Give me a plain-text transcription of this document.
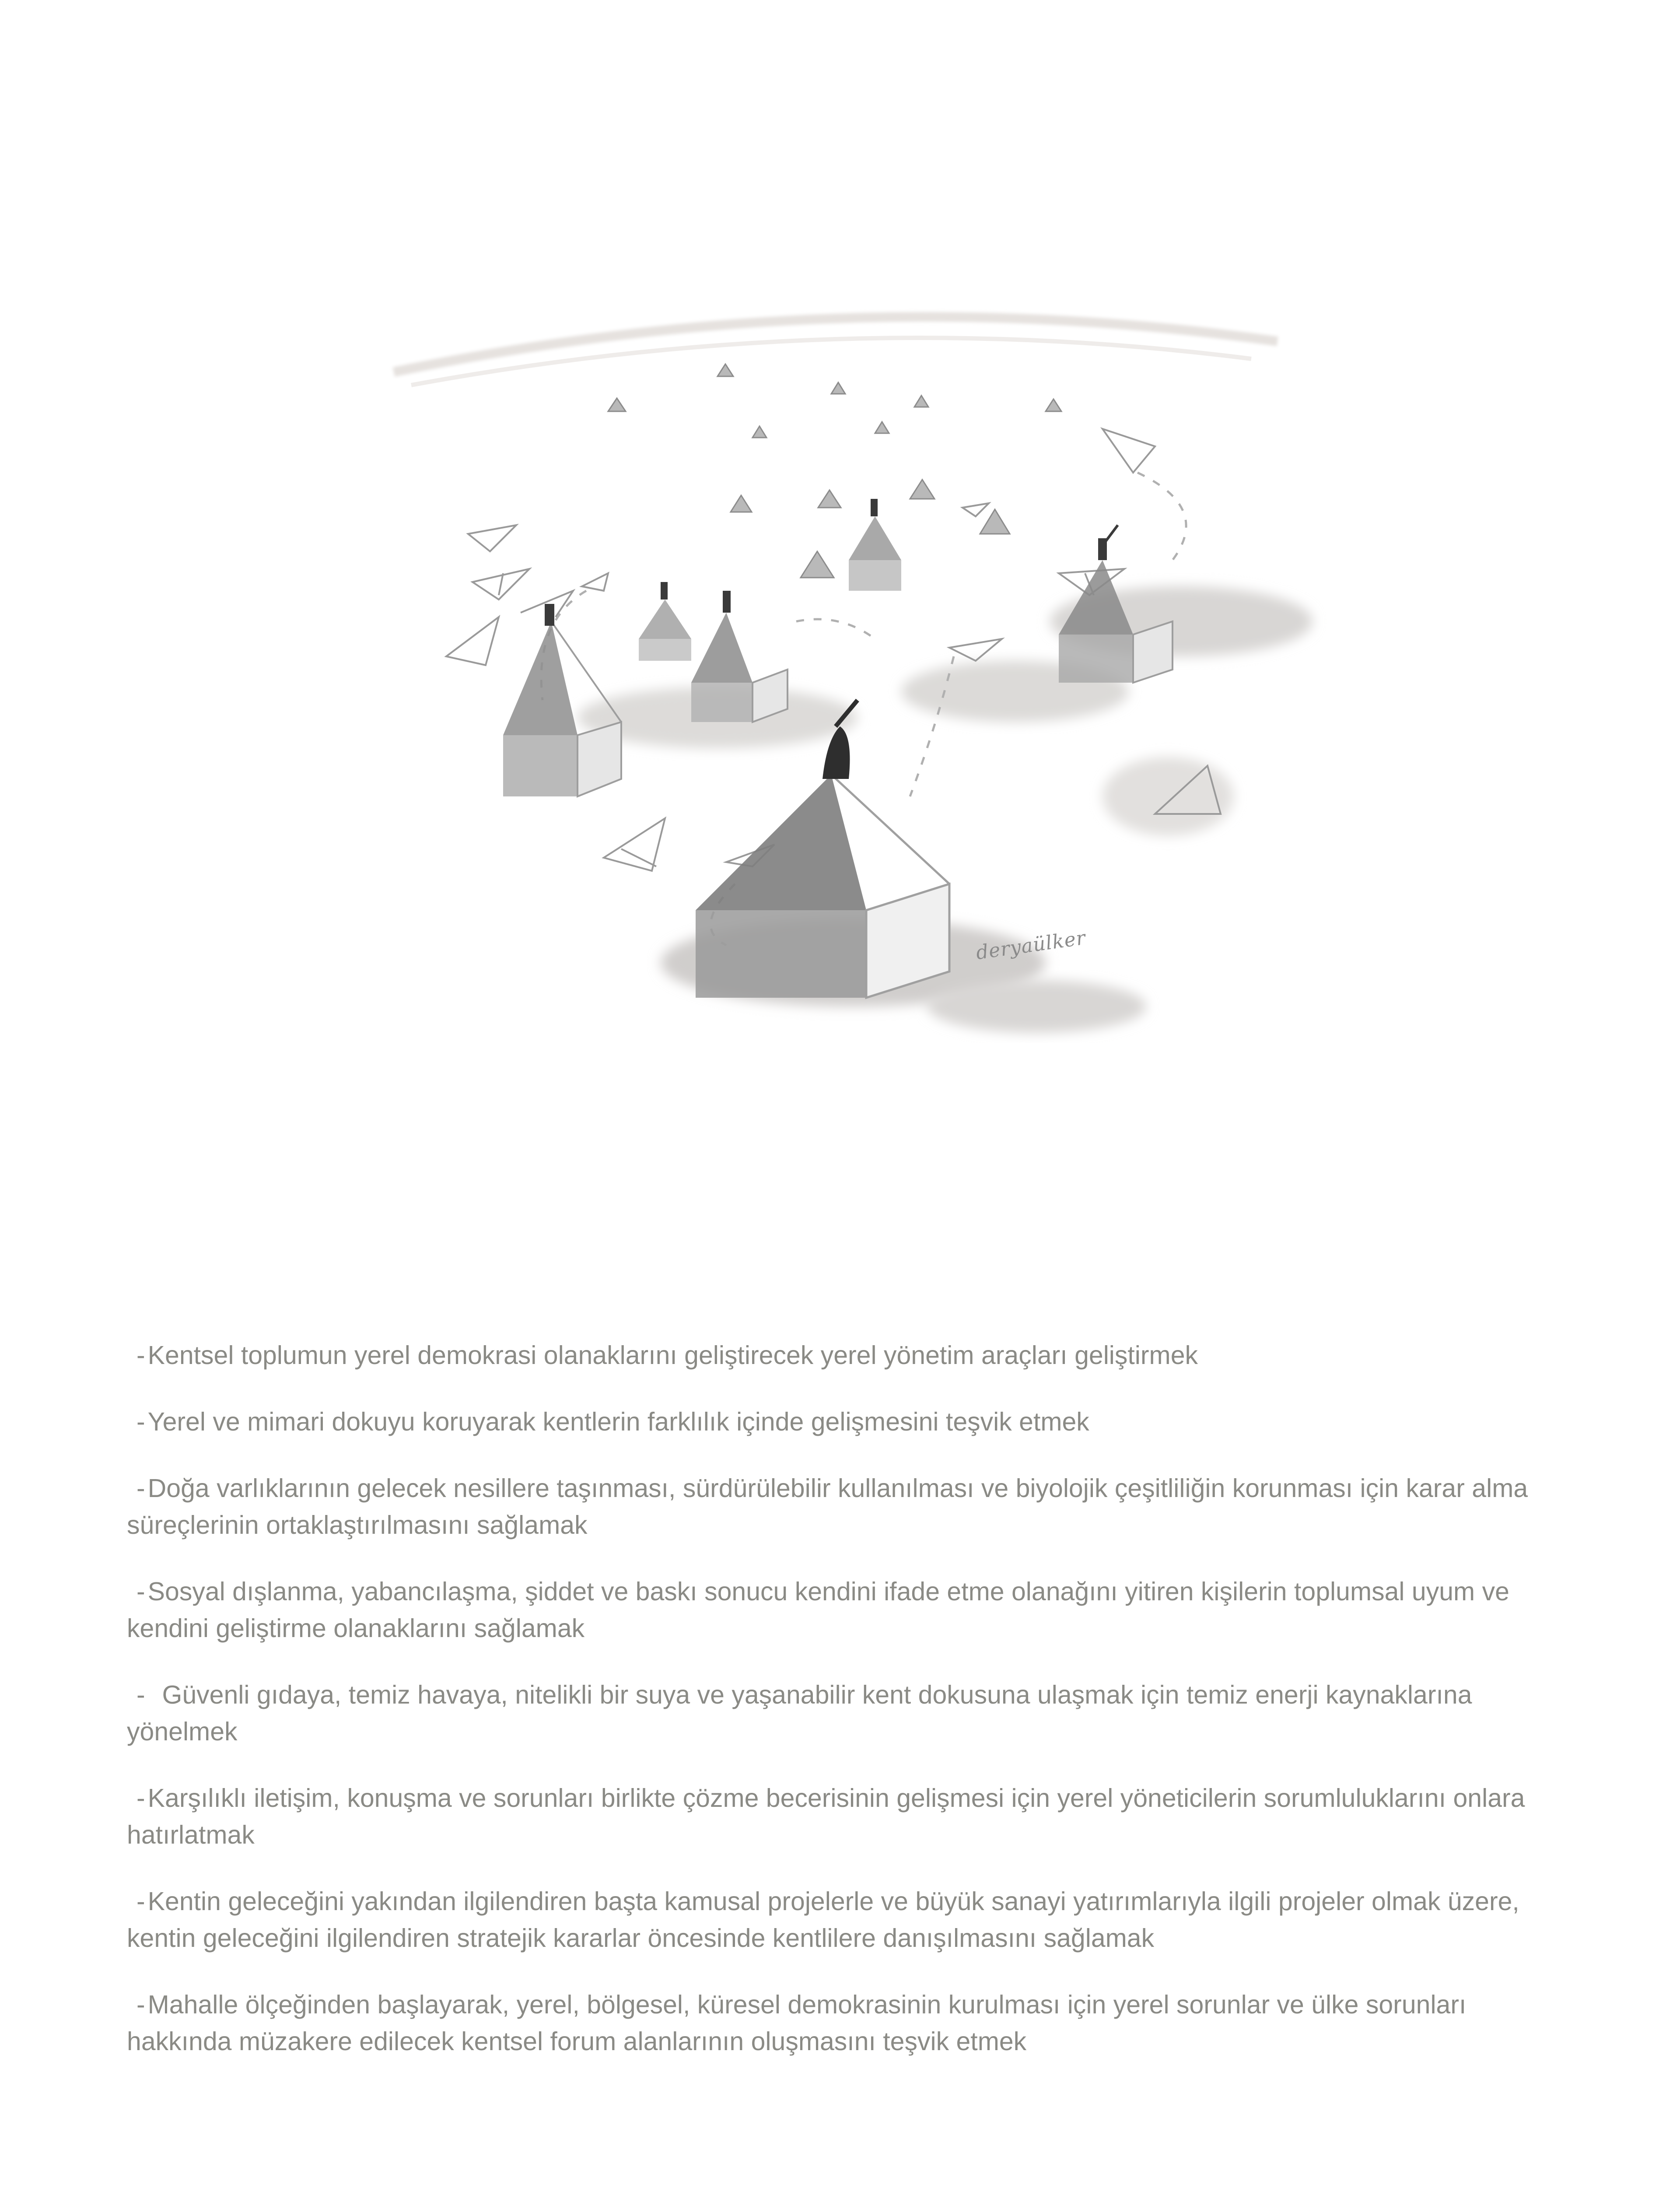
deryaülker
- Kentsel toplumun yerel demokrasi olanaklarını geliştirecek yerel yönetim araçları geliştirmek
- Yerel ve mimari dokuyu koruyarak kentlerin farklılık içinde gelişmesini teşvik etmek
- Doğa varlıklarının gelecek nesillere taşınması, sürdürülebilir kullanılması ve biyolojik çeşitliliğin korunması için karar alma süreçlerinin ortaklaştırılmasını sağlamak
- Sosyal dışlanma, yabancılaşma, şiddet ve baskı sonucu kendini ifade etme olanağını yitiren kişilerin toplumsal uyum ve kendini geliştirme olanaklarını sağlamak
-  Güvenli gıdaya, temiz havaya, nitelikli bir suya ve yaşanabilir kent dokusuna ulaşmak için temiz enerji kaynaklarına yönelmek
- Karşılıklı iletişim, konuşma ve sorunları birlikte çözme becerisinin gelişmesi için yerel yöneticilerin sorumluluklarını onlara hatırlatmak
- Kentin geleceğini yakından ilgilendiren başta kamusal projelerle ve büyük sanayi yatırımlarıyla ilgili projeler olmak üzere, kentin geleceğini ilgilendiren stratejik kararlar öncesinde kentlilere danışılmasını sağlamak
- Mahalle ölçeğinden başlayarak, yerel, bölgesel, küresel demokrasinin kurulması için yerel sorunlar ve ülke sorunları hakkında müzakere edilecek kentsel forum alanlarının oluşmasını teşvik etmek
